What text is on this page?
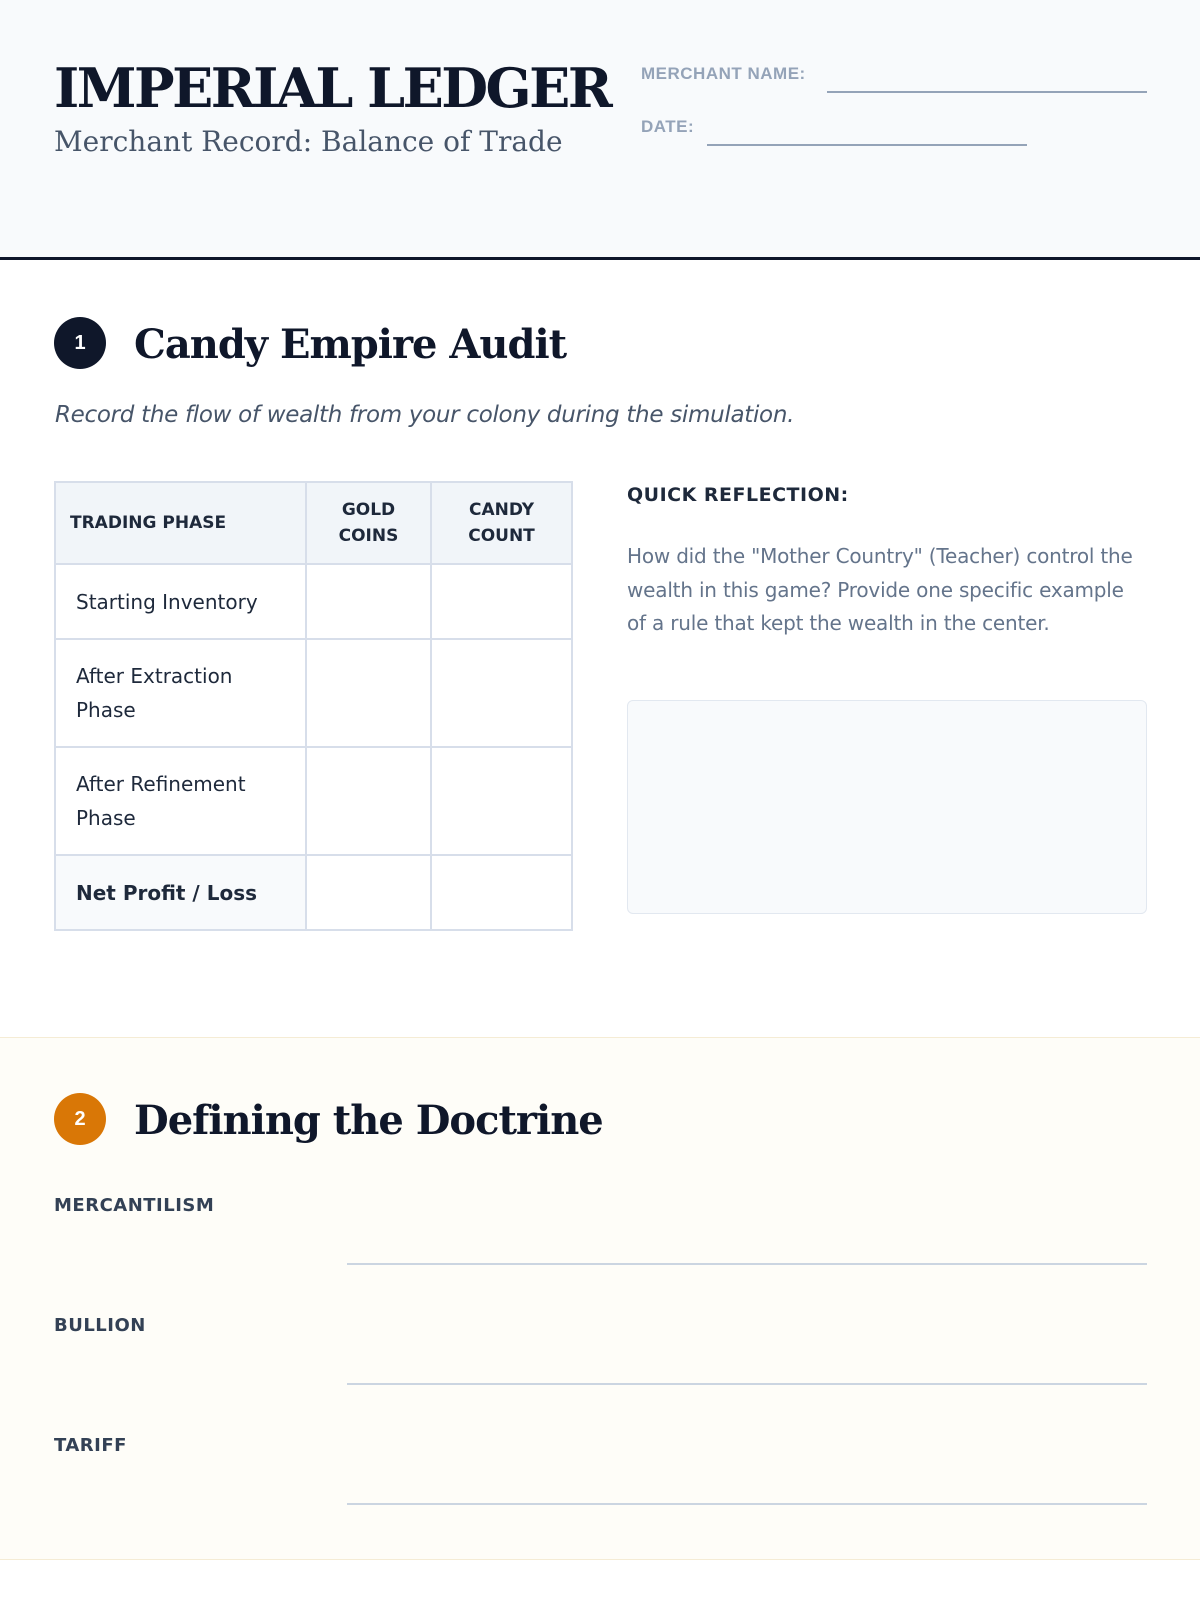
IMPERIAL LEDGER
Merchant Record: Balance of Trade
MERCHANT NAME:
DATE:
1	Candy Empire Audit
Record the flow of wealth from your colony during the simulation.
TRADING PHASE	GOLD COINS	CANDY COUNT
Starting Inventory		
After Extraction Phase		
After Refinement Phase		
Net Profit / Loss		
QUICK REFLECTION:
How did the "Mother Country" (Teacher) control the wealth in this game? Provide one specific example of a rule that kept the wealth in the center.
2	Defining the Doctrine
MERCANTILISM
BULLION
TARIFF
